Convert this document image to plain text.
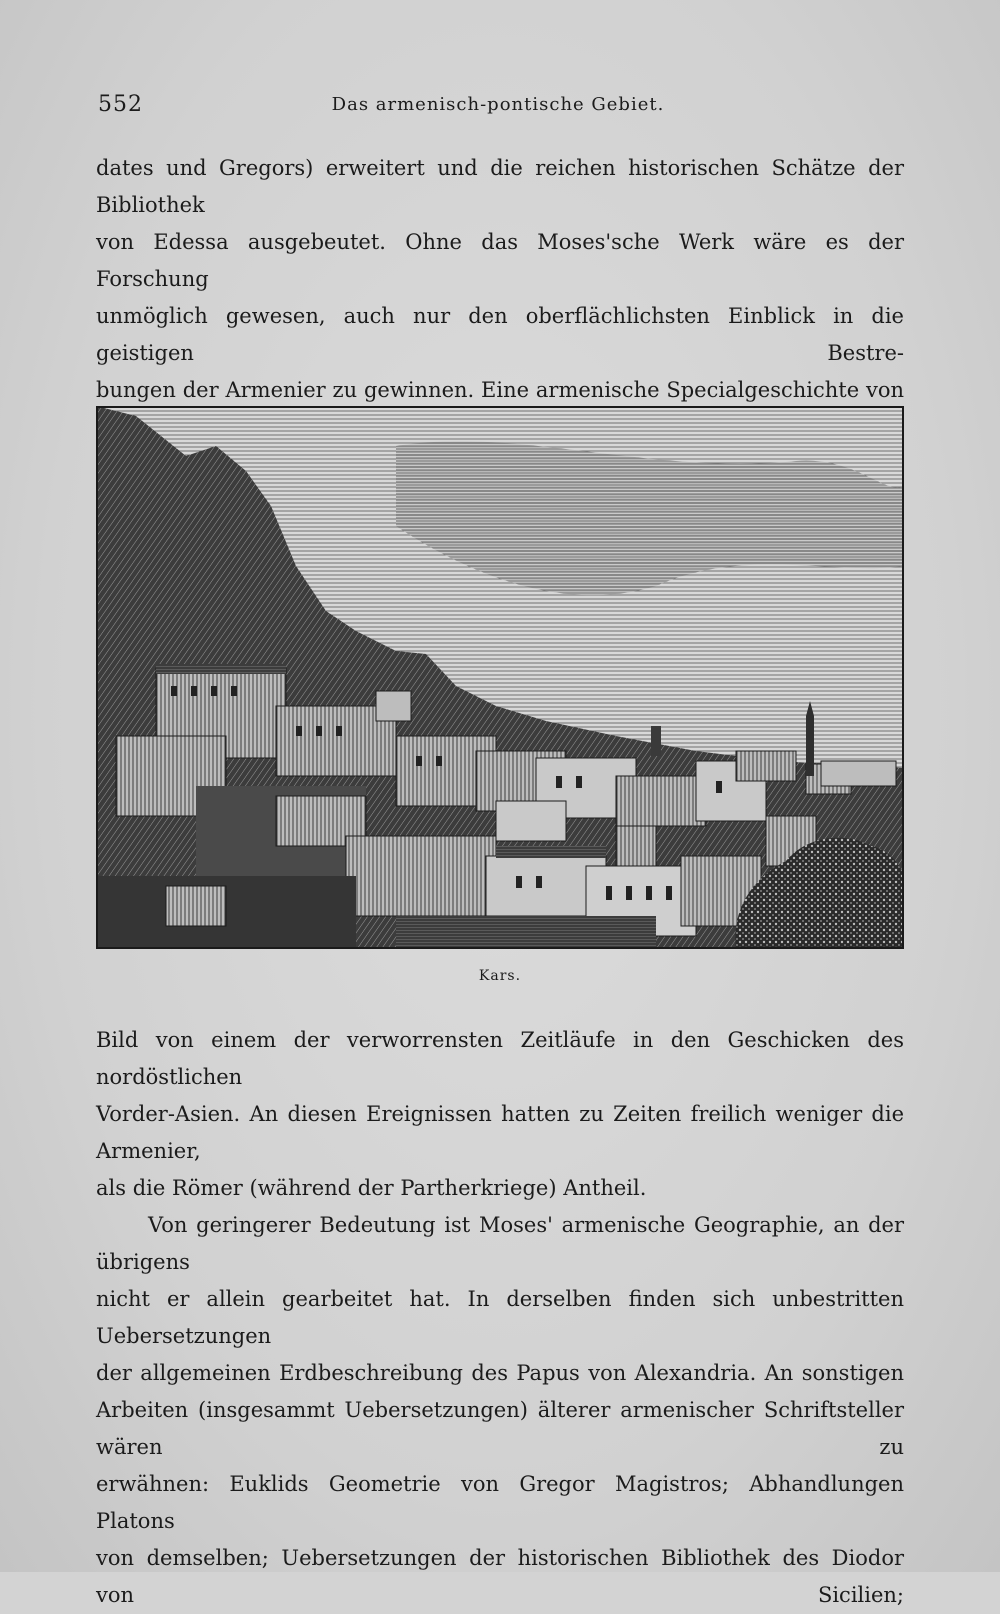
552	Das armenisch-pontische Gebiet.

dates und Gregors) erweitert und die reichen historischen Schätze der Bibliothek

von Edessa ausgebeutet. Ohne das Moses'sche Werk wäre es der Forschung

unmöglich gewesen, auch nur den oberflächlichsten Einblick in die geistigen Bestre-

bungen der Armenier zu gewinnen. Eine armenische Specialgeschichte von

Kars.

Bild von einem der verworrensten Zeitläufe in den Geschicken des nordöstlichen

Vorder-Asien. An diesen Ereignissen hatten zu Zeiten freilich weniger die Armenier,

als die Römer (während der Partherkriege) Antheil.

Von geringerer Bedeutung ist Moses' armenische Geographie, an der übrigens

nicht er allein gearbeitet hat. In derselben finden sich unbestritten Uebersetzungen

der allgemeinen Erdbeschreibung des Papus von Alexandria. An sonstigen

Arbeiten (insgesammt Uebersetzungen) älterer armenischer Schriftsteller wären zu

erwähnen: Euklids Geometrie von Gregor Magistros; Abhandlungen Platons

von demselben; Uebersetzungen der historischen Bibliothek des Diodor von Sicilien;
